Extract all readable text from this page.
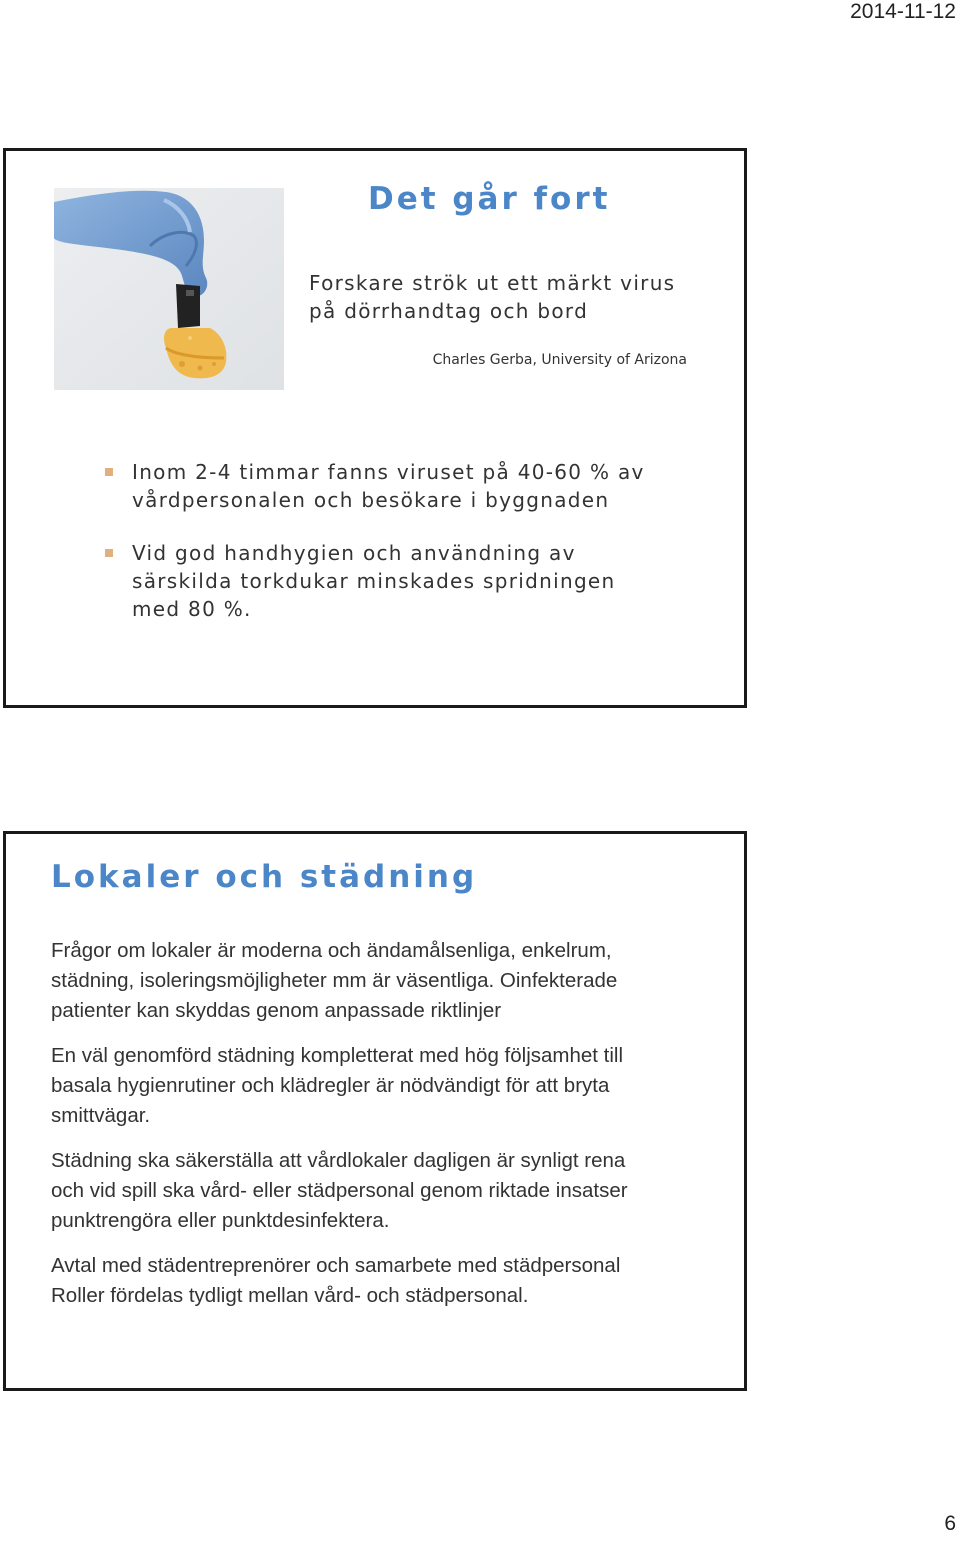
2014-11-12
Det går fort
Forskare strök ut ett märkt virus
på dörrhandtag och bord
Charles Gerba, University of Arizona
Inom 2-4 timmar fanns viruset på 40-60 % av
vårdpersonalen och besökare i byggnaden
Vid god handhygien och användning av
särskilda torkdukar minskades spridningen
med 80 %.
Lokaler och städning

Frågor om lokaler är moderna och ändamålsenliga, enkelrum,
städning, isoleringsmöjligheter mm är väsentliga. Oinfekterade
patienter kan skyddas genom anpassade riktlinjer

En väl genomförd städning kompletterat med hög följsamhet till
basala hygienrutiner och klädregler är nödvändigt för att bryta
smittvägar.

Städning ska säkerställa att vårdlokaler dagligen är synligt rena
och vid spill ska vård- eller städpersonal genom riktade insatser
punktrengöra eller punktdesinfektera.

Avtal med städentreprenörer och samarbete med städpersonal
Roller fördelas tydligt mellan vård- och städpersonal.

6
